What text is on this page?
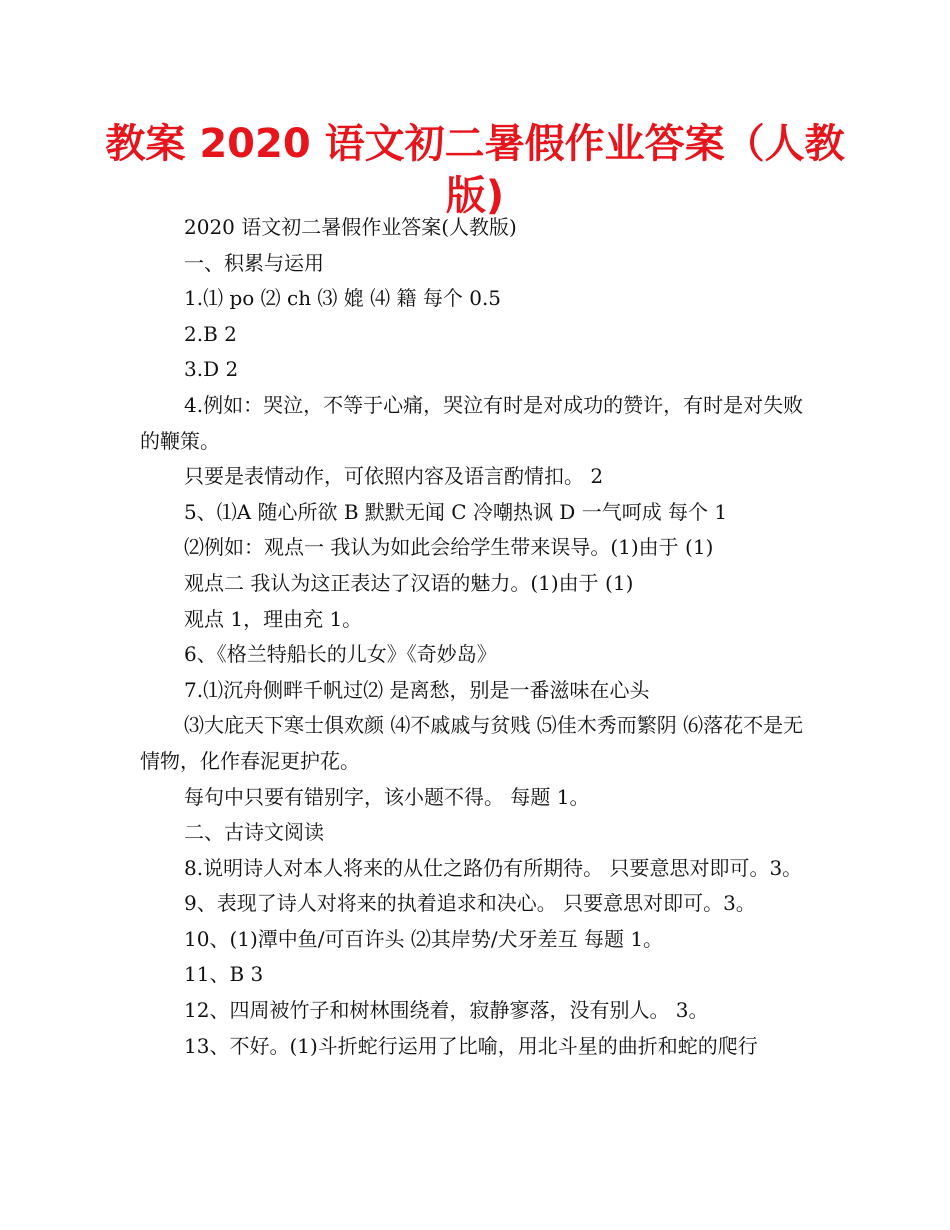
教案 2020 语文初二暑假作业答案（人教版)

2020 语文初二暑假作业答案(人教版)

一、积累与运用

1.⑴ po ⑵ ch ⑶ 媲 ⑷ 籍 每个 0.5

2.B 2

3.D 2

4.例如：哭泣，不等于心痛，哭泣有时是对成功的赞许，有时是对失败的鞭策。

只要是表情动作，可依照内容及语言酌情扣。 2

5、⑴A 随心所欲 B 默默无闻 C 冷嘲热讽 D 一气呵成 每个 1

⑵例如：观点一 我认为如此会给学生带来误导。(1)由于 (1)

观点二 我认为这正表达了汉语的魅力。(1)由于 (1)

观点 1，理由充 1。

6、《格兰特船长的儿女》《奇妙岛》

7.⑴沉舟侧畔千帆过⑵ 是离愁，别是一番滋味在心头

⑶大庇天下寒士俱欢颜 ⑷不戚戚与贫贱 ⑸佳木秀而繁阴 ⑹落花不是无情物，化作春泥更护花。

每句中只要有错别字，该小题不得。 每题 1。

二、古诗文阅读

8.说明诗人对本人将来的从仕之路仍有所期待。 只要意思对即可。3。

9、表现了诗人对将来的执着追求和决心。 只要意思对即可。3。

10、(1)潭中鱼/可百许头 ⑵其岸势/犬牙差互 每题 1。

11、B 3

12、四周被竹子和树林围绕着，寂静寥落，没有别人。 3。

13、不好。(1)斗折蛇行运用了比喻，用北斗星的曲折和蛇的爬行
